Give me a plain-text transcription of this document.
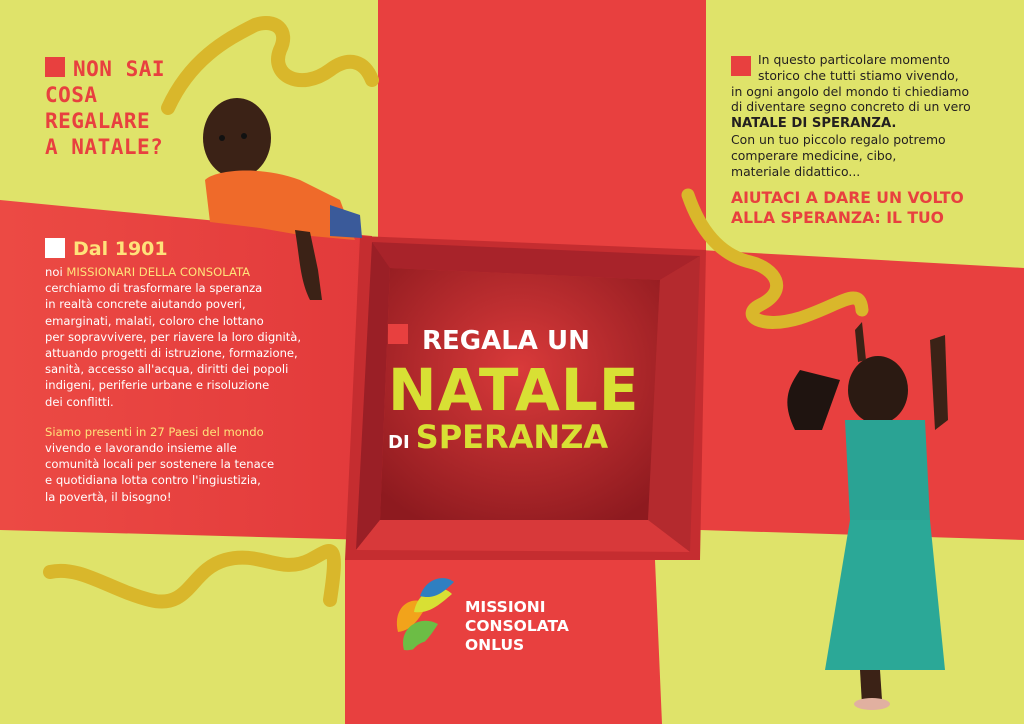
NON SAI
COSA
REGALARE
A NATALE?
Dal 1901
noi MISSIONARI DELLA CONSOLATA
cerchiamo di trasformare la speranza
in realtà concrete aiutando poveri,
emarginati, malati, coloro che lottano
per sopravvivere, per riavere la loro dignità,
attuando progetti di istruzione, formazione,
sanità, accesso all'acqua, diritti dei popoli
indigeni, periferie urbane e risoluzione
dei conflitti.
Siamo presenti in 27 Paesi del mondo
vivendo e lavorando insieme alle
comunità locali per sostenere la tenace
e quotidiana lotta contro l'ingiustizia,
la povertà, il bisogno!
In questo particolare momento
storico che tutti stiamo vivendo,
in ogni angolo del mondo ti chiediamo
di diventare segno concreto di un vero
NATALE DI SPERANZA.
Con un tuo piccolo regalo potremo
comperare medicine, cibo,
materiale didattico...
AIUTACI A DARE UN VOLTO
ALLA SPERANZA: IL TUO
REGALA UN
NATALE
DI SPERANZA
MISSIONI
CONSOLATA
ONLUS
